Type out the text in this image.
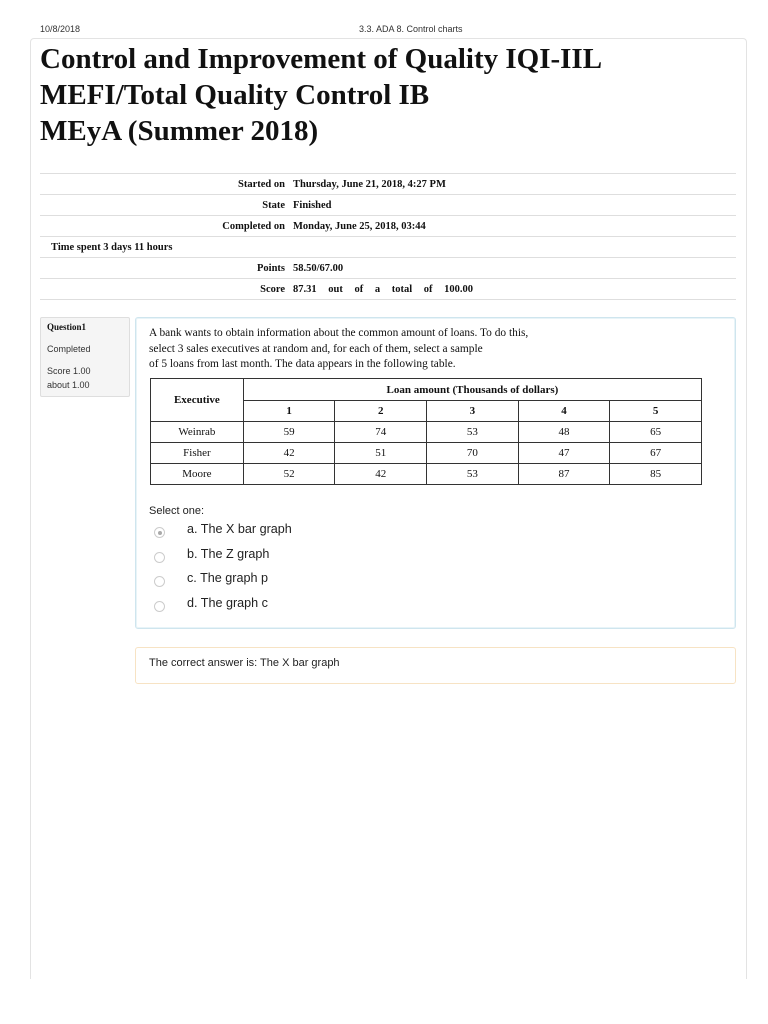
10/8/2018	3.3. ADA 8. Control charts
Control and Improvement of Quality IQI-IIL
MEFI/Total Quality Control IB
MEyA (Summer 2018)
Started on	Thursday, June 21, 2018, 4:27 PM
State	Finished
Completed on	Monday, June 25, 2018, 03:44
Time spent 3 days 11 hours	
Points	58.50/67.00
Score	87.31 out of a total of 100.00
Question1
Completed
Score 1.00
about 1.00

A bank wants to obtain information about the common amount of loans. To do this,
select 3 sales executives at random and, for each of them, select a sample
of 5 loans from last month. The data appears in the following table.

Executive	Loan amount (Thousands of dollars)				
	1	2	3	4	5
Weinrab	59	74	53	48	65
Fisher	42	51	70	47	67
Moore	52	42	53	87	85
Select one:
a. The X bar graph
b. The Z graph
c. The graph p
d. The graph c
The correct answer is: The X bar graph
